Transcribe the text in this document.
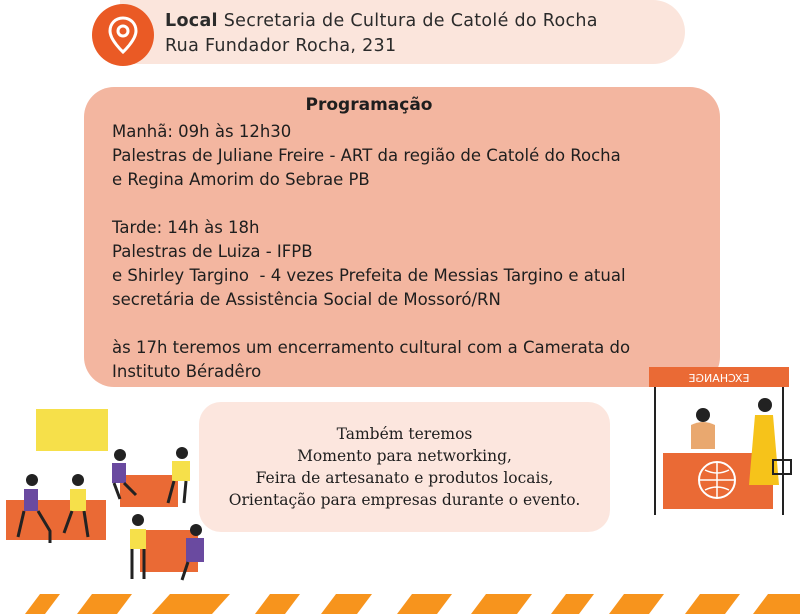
Local Secretaria de Cultura de Catolé do Rocha
Rua Fundador Rocha, 231
Programação
Manhã: 09h às 12h30
Palestras de Juliane Freire - ART da região de Catolé do Rocha
e Regina Amorim do Sebrae PB
Tarde: 14h às 18h
Palestras de Luiza - IFPB
e Shirley Targino  - 4 vezes Prefeita de Messias Targino e atual
secretária de Assistência Social de Mossoró/RN
às 17h teremos um encerramento cultural com a Camerata do
Instituto Béradêro
Também teremos
Momento para networking,
Feira de artesanato e produtos locais,
Orientação para empresas durante o evento.
EXCHANGE
